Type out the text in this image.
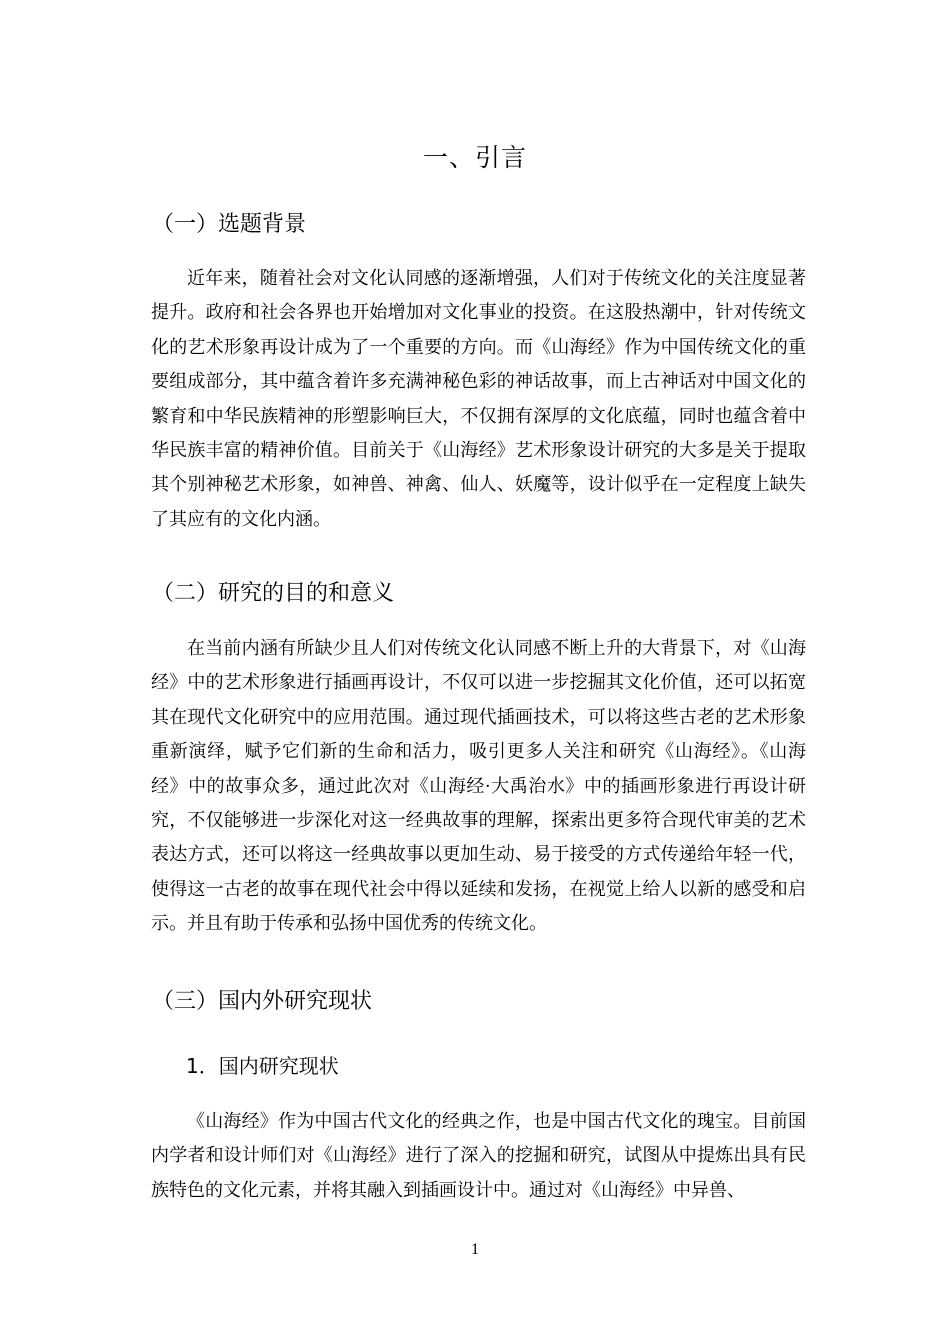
一、引言
（一）选题背景

近年来，随着社会对文化认同感的逐渐增强，人们对于传统文化的关注度显著提升。政府和社会各界也开始增加对文化事业的投资。在这股热潮中，针对传统文化的艺术形象再设计成为了一个重要的方向。而《山海经》作为中国传统文化的重要组成部分，其中蕴含着许多充满神秘色彩的神话故事，而上古神话对中国文化的繁育和中华民族精神的形塑影响巨大，不仅拥有深厚的文化底蕴，同时也蕴含着中华民族丰富的精神价值。目前关于《山海经》艺术形象设计研究的大多是关于提取其个别神秘艺术形象，如神兽、神禽、仙人、妖魔等，设计似乎在一定程度上缺失了其应有的文化内涵。

（二）研究的目的和意义

在当前内涵有所缺少且人们对传统文化认同感不断上升的大背景下，对《山海经》中的艺术形象进行插画再设计，不仅可以进一步挖掘其文化价值，还可以拓宽其在现代文化研究中的应用范围。通过现代插画技术，可以将这些古老的艺术形象重新演绎，赋予它们新的生命和活力，吸引更多人关注和研究《山海经》。《山海经》中的故事众多，通过此次对《山海经·大禹治水》中的插画形象进行再设计研究，不仅能够进一步深化对这一经典故事的理解，探索出更多符合现代审美的艺术表达方式，还可以将这一经典故事以更加生动、易于接受的方式传递给年轻一代，使得这一古老的故事在现代社会中得以延续和发扬，在视觉上给人以新的感受和启示。并且有助于传承和弘扬中国优秀的传统文化。

（三）国内外研究现状
1．国内研究现状

《山海经》作为中国古代文化的经典之作，也是中国古代文化的瑰宝。目前国内学者和设计师们对《山海经》进行了深入的挖掘和研究，试图从中提炼出具有民族特色的文化元素，并将其融入到插画设计中。通过对《山海经》中异兽、

1
